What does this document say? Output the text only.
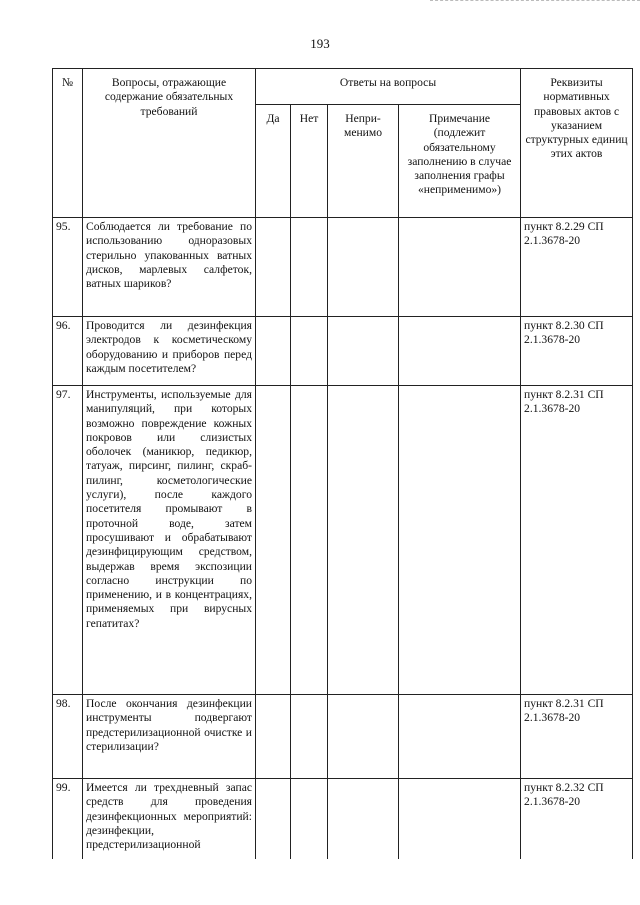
193
№	Вопросы, отражающие содержание обязательных требований	Ответы на вопросы				Реквизиты нормативных правовых актов с указанием структурных единиц этих актов
		Да	Нет	Непри-менимо	Примечание (подлежит обязательному заполнению в случае заполнения графы «неприменимо»)	
95.	Соблюдается ли требование по использованию одноразовых стерильно упакованных ватных дисков, марлевых салфеток, ватных шариков?					пункт 8.2.29 СП 2.1.3678-20
96.	Проводится ли дезинфекция электродов к косметическому оборудованию и приборов перед каждым посетителем?					пункт 8.2.30 СП 2.1.3678-20
97.	Инструменты, используемые для манипуляций, при которых возможно повреждение кожных покровов или слизистых оболочек (маникюр, педикюр, татуаж, пирсинг, пилинг, скраб-пилинг, косметологические услуги), после каждого посетителя промывают в проточной воде, затем просушивают и обрабатывают дезинфицирующим средством, выдержав время экспозиции согласно инструкции по применению, и в концентрациях, применяемых при вирусных гепатитах?					пункт 8.2.31 СП 2.1.3678-20
98.	После окончания дезинфекции инструменты подвергают предстерилизационной очистке и стерилизации?					пункт 8.2.31 СП 2.1.3678-20
99.	Имеется ли трехдневный запас средств для проведения дезинфекционных мероприятий: дезинфекции, предстерилизационной					пункт 8.2.32 СП 2.1.3678-20
